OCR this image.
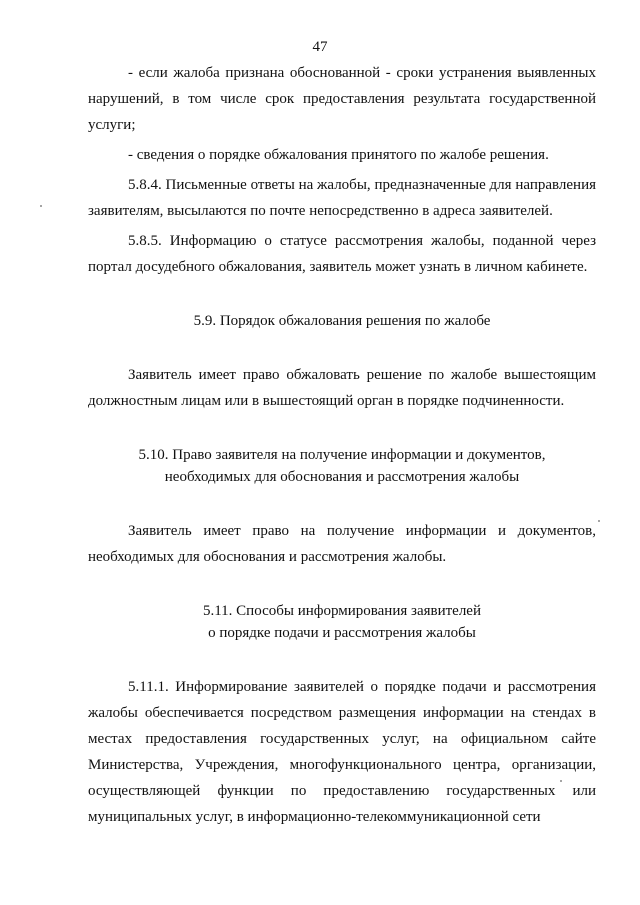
47

- если жалоба признана обоснованной - сроки устранения выявленных нарушений, в том числе срок предоставления результата государственной услуги;

- сведения о порядке обжалования принятого по жалобе решения.

5.8.4. Письменные ответы на жалобы, предназначенные для направления заявителям, высылаются по почте непосредственно в адреса заявителей.

5.8.5. Информацию о статусе рассмотрения жалобы, поданной через портал досудебного обжалования, заявитель может узнать в личном кабинете.

5.9. Порядок обжалования решения по жалобе

Заявитель имеет право обжаловать решение по жалобе вышестоящим должностным лицам или в вышестоящий орган в порядке подчиненности.

5.10. Право заявителя на получение информации и документов,
необходимых для обоснования и рассмотрения жалобы

Заявитель имеет право на получение информации и документов, необходимых для обоснования и рассмотрения жалобы.

5.11. Способы информирования заявителей
о порядке подачи и рассмотрения жалобы

5.11.1. Информирование заявителей о порядке подачи и рассмотрения жалобы обеспечивается посредством размещения информации на стендах в местах предоставления государственных услуг, на официальном сайте Министерства, Учреждения, многофункционального центра, организации, осуществляющей функции по предоставлению государственных или муниципальных услуг, в информационно-телекоммуникационной сети
